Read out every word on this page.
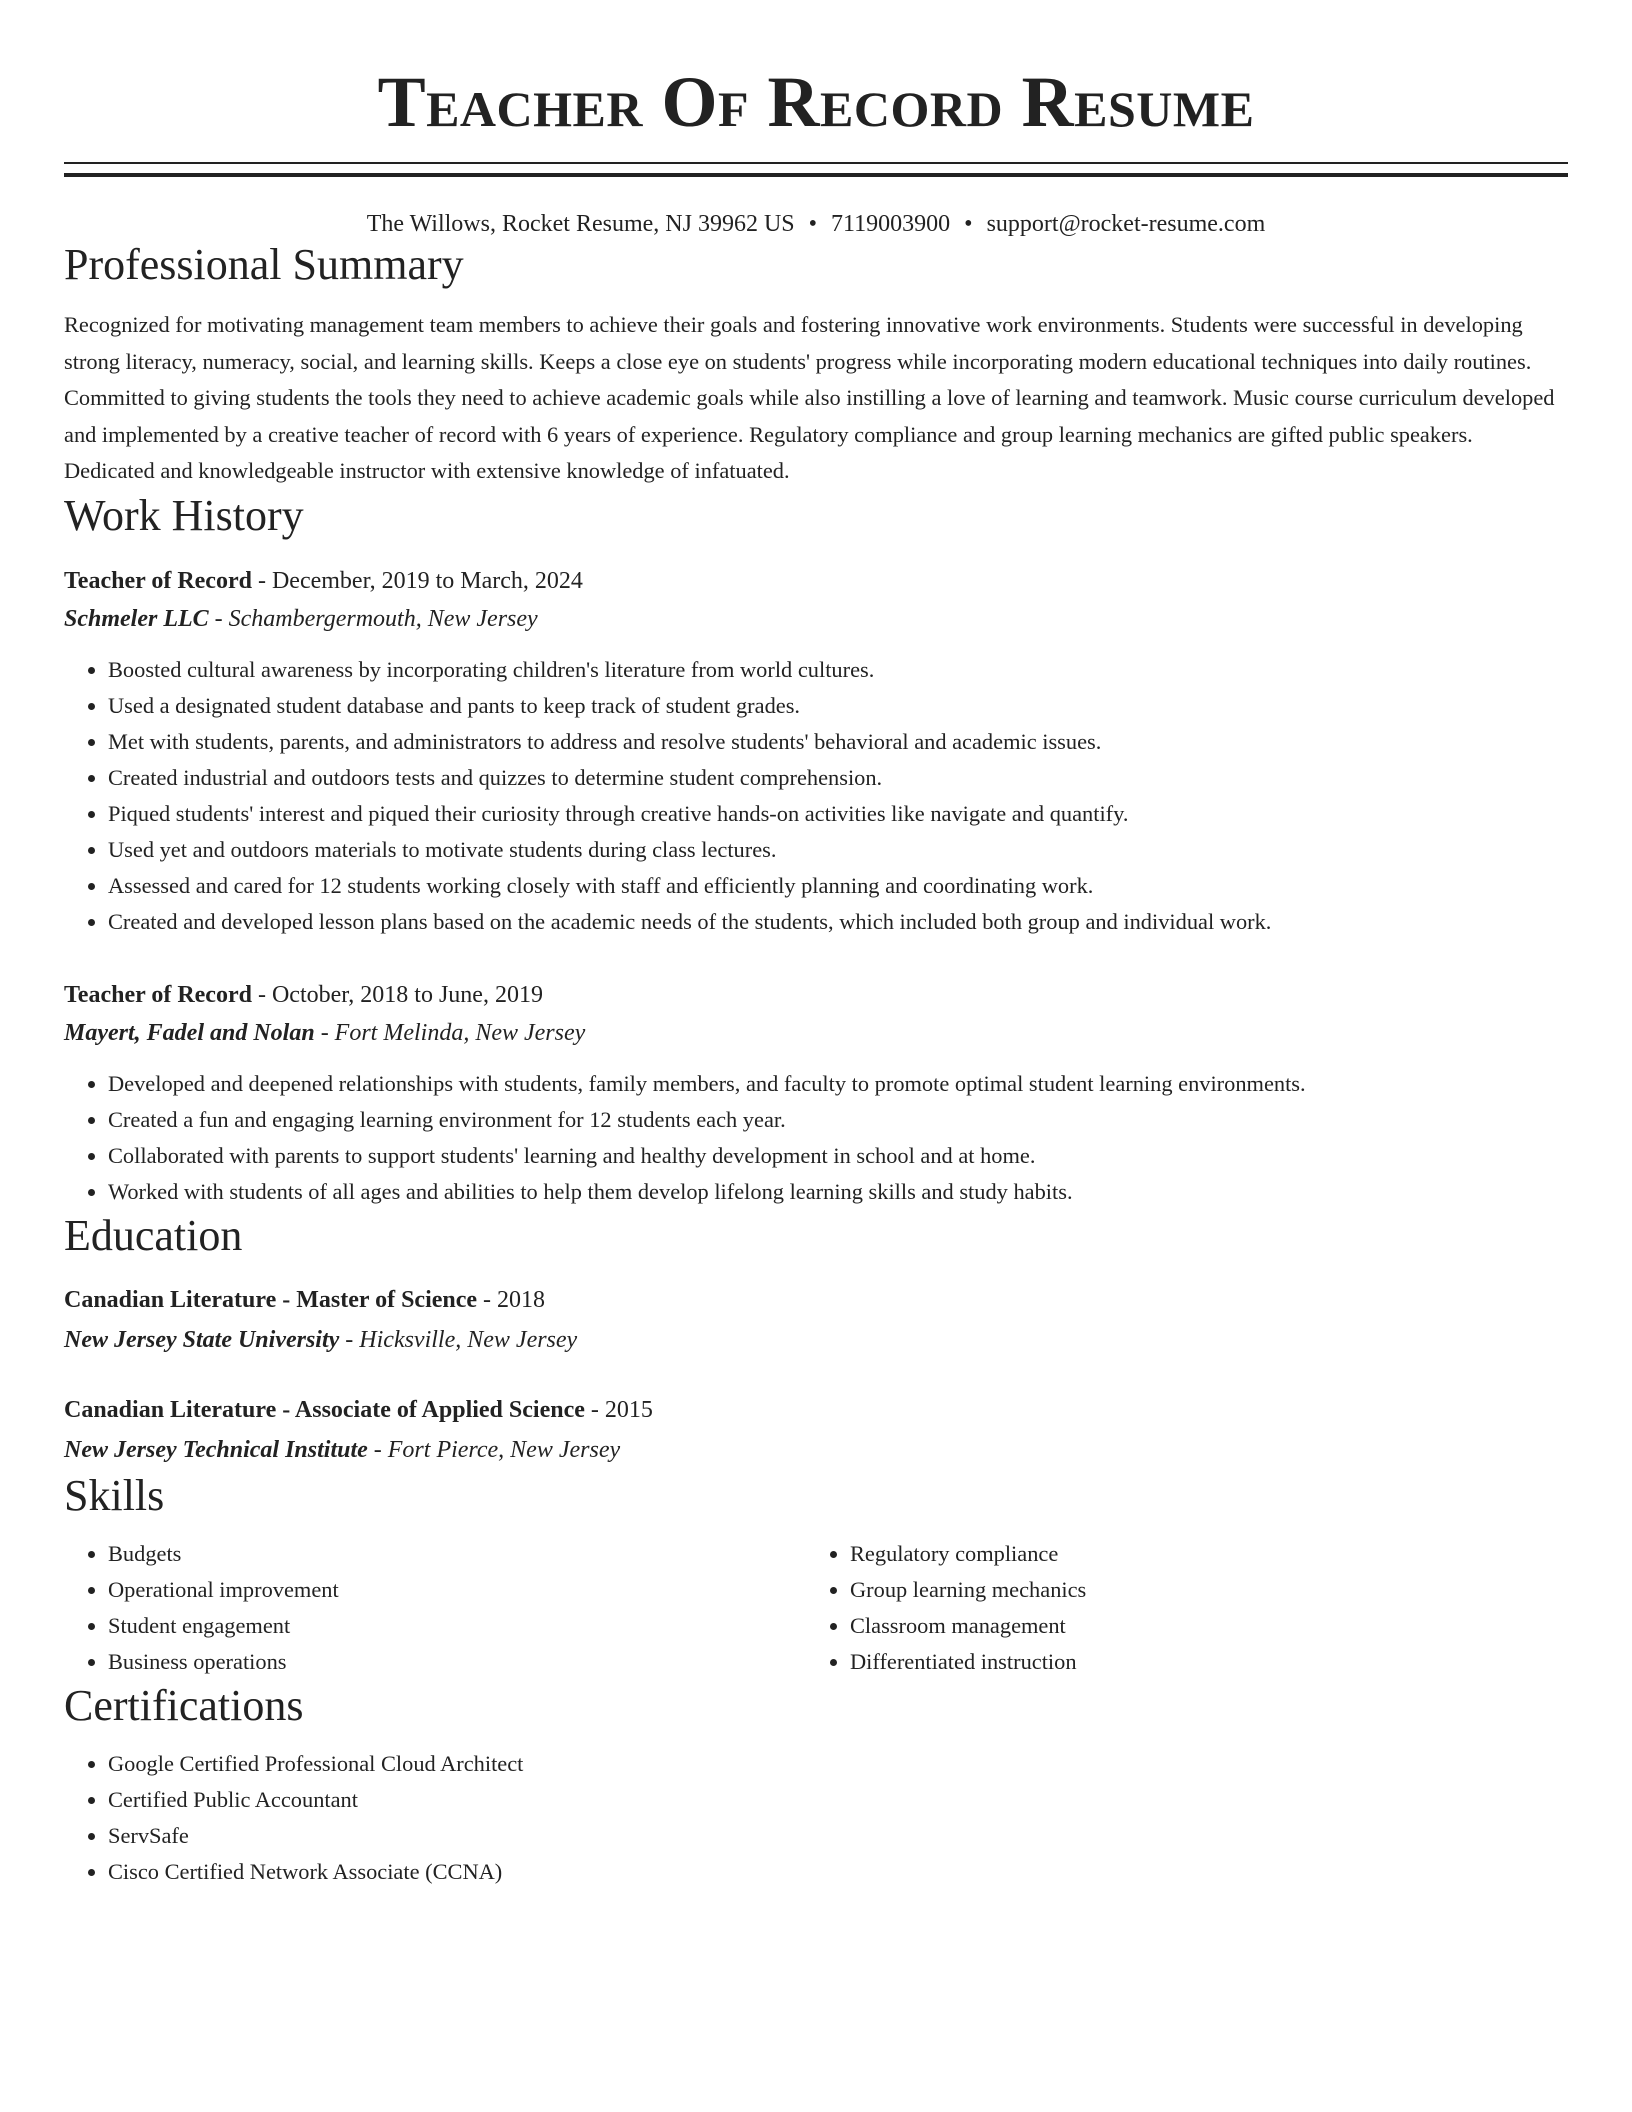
Teacher Of Record Resume
The Willows, Rocket Resume, NJ 39962 US • 7119003900 • support@rocket-resume.com
Professional Summary

Recognized for motivating management team members to achieve their goals and fostering innovative work environments. Students were successful in developing strong literacy, numeracy, social, and learning skills. Keeps a close eye on students' progress while incorporating modern educational techniques into daily routines. Committed to giving students the tools they need to achieve academic goals while also instilling a love of learning and teamwork. Music course curriculum developed and implemented by a creative teacher of record with 6 years of experience. Regulatory compliance and group learning mechanics are gifted public speakers. Dedicated and knowledgeable instructor with extensive knowledge of infatuated.

Work History
Teacher of Record - December, 2019 to March, 2024
Schmeler LLC - Schambergermouth, New Jersey
• Boosted cultural awareness by incorporating children's literature from world cultures.
• Used a designated student database and pants to keep track of student grades.
• Met with students, parents, and administrators to address and resolve students' behavioral and academic issues.
• Created industrial and outdoors tests and quizzes to determine student comprehension.
• Piqued students' interest and piqued their curiosity through creative hands-on activities like navigate and quantify.
• Used yet and outdoors materials to motivate students during class lectures.
• Assessed and cared for 12 students working closely with staff and efficiently planning and coordinating work.
• Created and developed lesson plans based on the academic needs of the students, which included both group and individual work.
Teacher of Record - October, 2018 to June, 2019
Mayert, Fadel and Nolan - Fort Melinda, New Jersey
• Developed and deepened relationships with students, family members, and faculty to promote optimal student learning environments.
• Created a fun and engaging learning environment for 12 students each year.
• Collaborated with parents to support students' learning and healthy development in school and at home.
• Worked with students of all ages and abilities to help them develop lifelong learning skills and study habits.
Education
Canadian Literature - Master of Science - 2018
New Jersey State University - Hicksville, New Jersey
Canadian Literature - Associate of Applied Science - 2015
New Jersey Technical Institute - Fort Pierce, New Jersey
Skills
• Budgets
• Operational improvement
• Student engagement
• Business operations
• Regulatory compliance
• Group learning mechanics
• Classroom management
• Differentiated instruction
Certifications
• Google Certified Professional Cloud Architect
• Certified Public Accountant
• ServSafe
• Cisco Certified Network Associate (CCNA)
